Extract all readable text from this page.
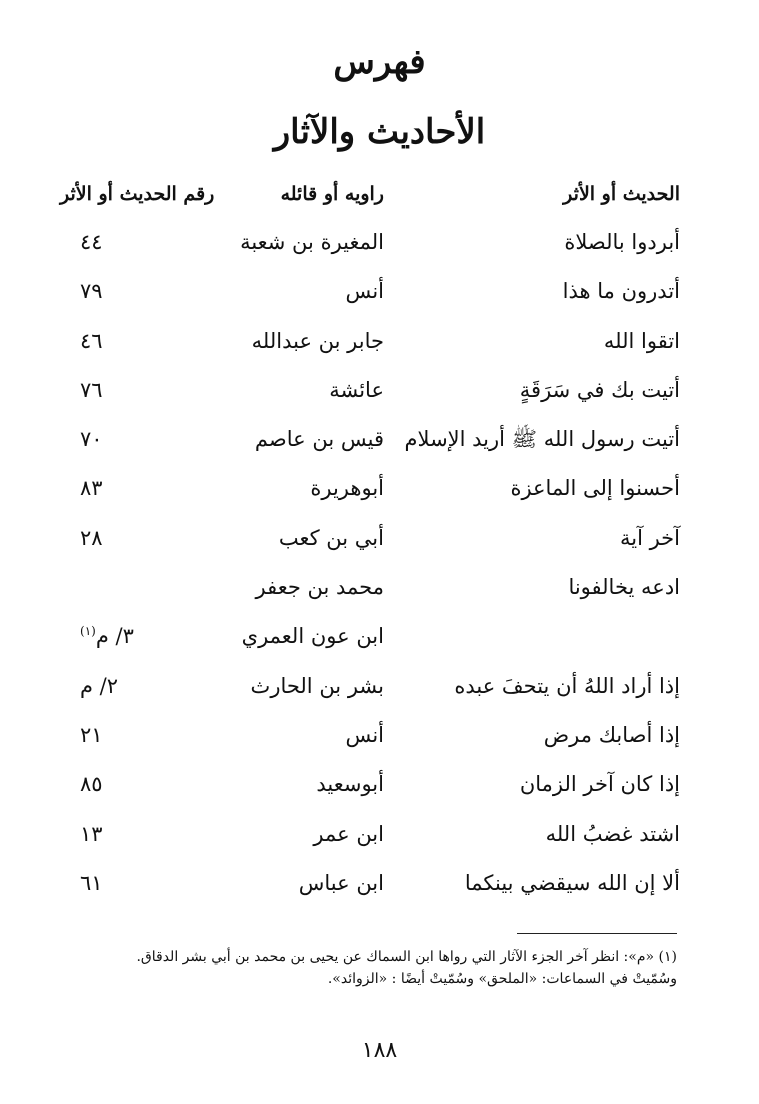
فهرس
الأحاديث والآثار
الحديث أو الأثر
راويه أو قائله
رقم الحديث أو الأثر
أبردوا بالصلاة
المغيرة بن شعبة
٤٤
أتدرون ما هذا
أنس
٧٩
اتقوا الله
جابر بن عبدالله
٤٦
أتيت بك في سَرَقَةٍ
عائشة
٧٦
أتيت رسول الله ﷺ أريد الإسلام
قيس بن عاصم
٧٠
أحسنوا إلى الماعزة
أبوهريرة
٨٣
آخر آية
أبي بن كعب
٢٨
ادعه يخالفونا
محمد بن جعفر
ابن عون العمري
٣/ م$^{(١)}$
إذا أراد اللهُ أن يتحفَ عبده
بشر بن الحارث
٢/ م
إذا أصابك مرض
أنس
٢١
إذا كان آخر الزمان
أبوسعيد
٨٥
اشتد غضبُ الله
ابن عمر
١٣
ألا إن الله سيقضي بينكما
ابن عباس
٦١
(١) «م»: انظر آخر الجزء الآثار التي رواها ابن السماك عن يحيى بن محمد بن أبي بشر الدقاق.
وسُمّيتْ في السماعات: «الملحق» وسُمّيتْ أيضًا : «الزوائد».
١٨٨
